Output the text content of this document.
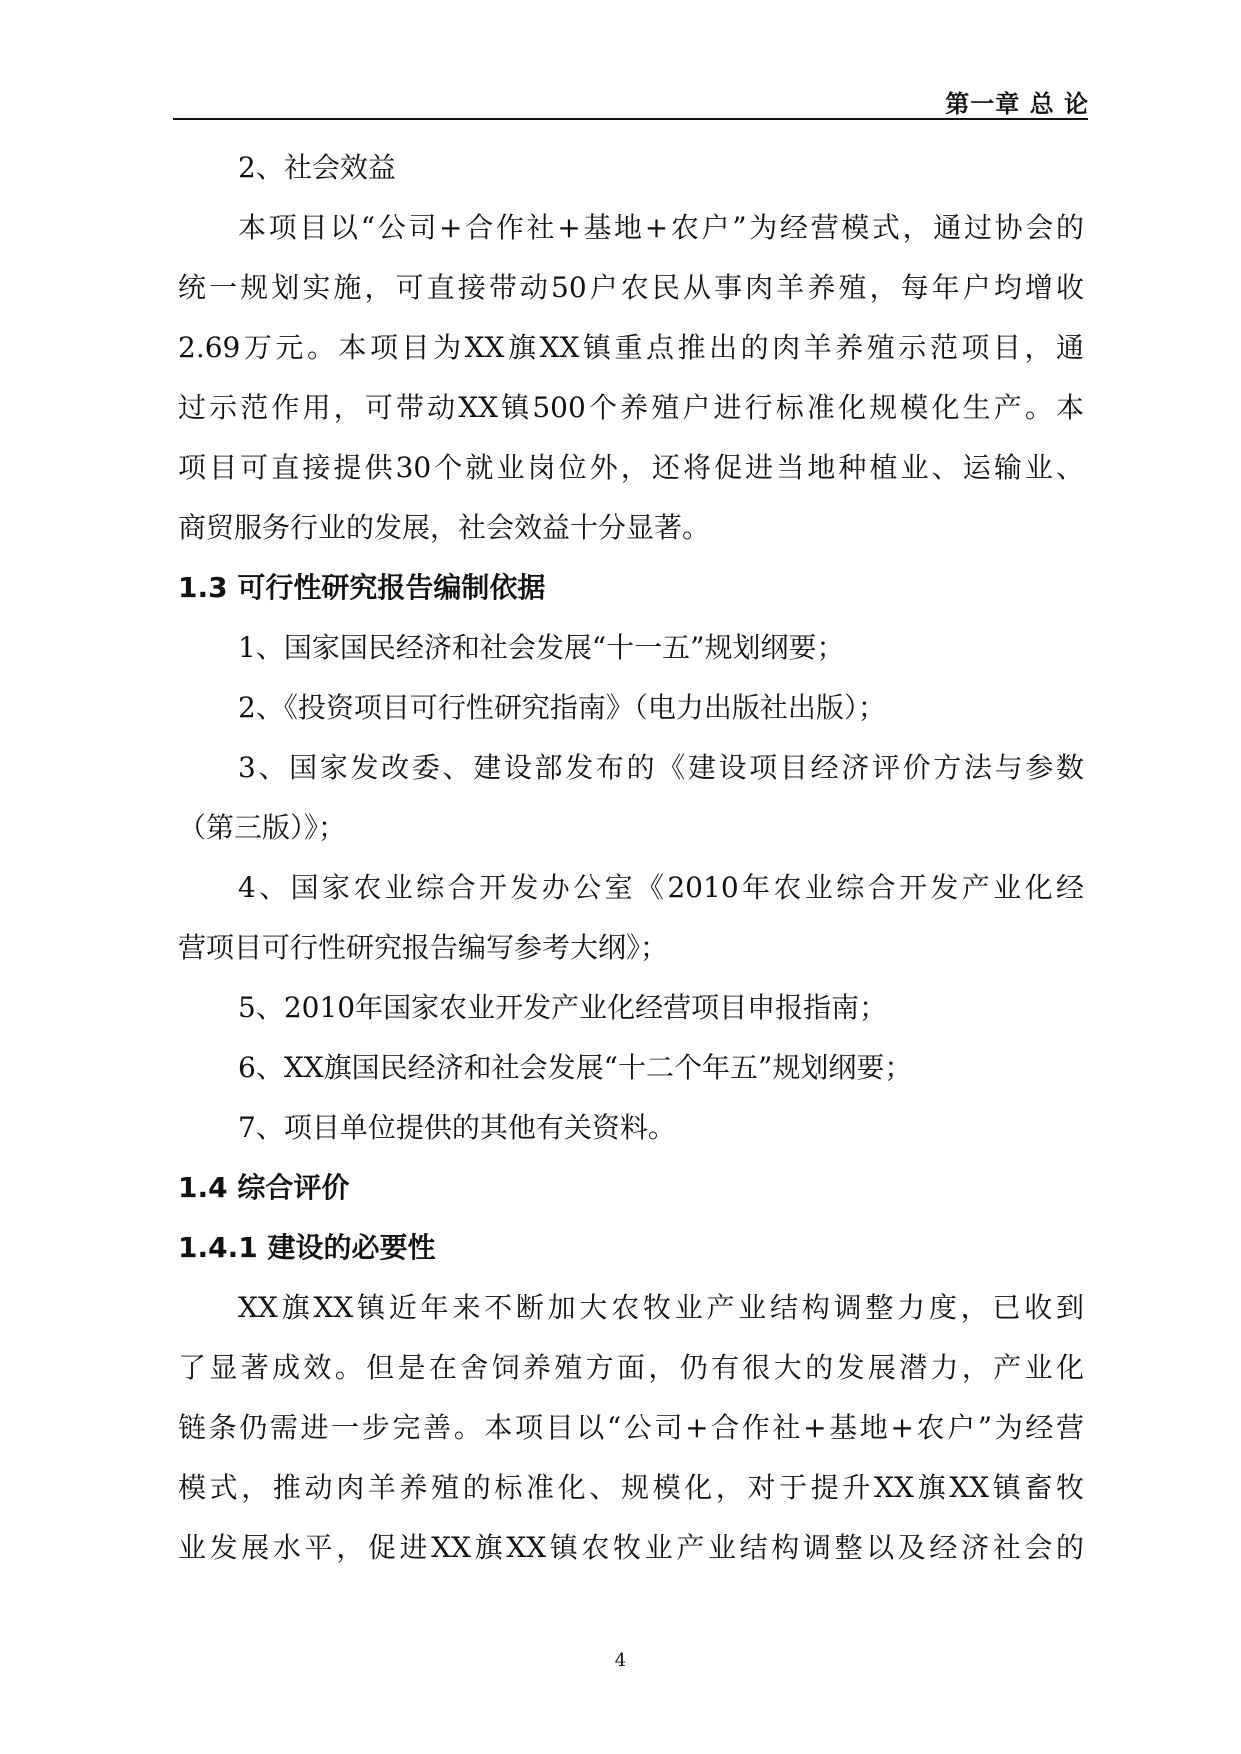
第一章 总 论
2、社会效益
本项目以“公司+合作社+基地+农户”为经营模式，通过协会的
统一规划实施，可直接带动50户农民从事肉羊养殖，每年户均增收
2.69万元。本项目为XX旗XX镇重点推出的肉羊养殖示范项目，通
过示范作用，可带动XX镇500个养殖户进行标准化规模化生产。本
项目可直接提供30个就业岗位外，还将促进当地种植业、运输业、
商贸服务行业的发展，社会效益十分显著。
1.3 可行性研究报告编制依据
1、国家国民经济和社会发展“十一五”规划纲要；
2、《投资项目可行性研究指南》（电力出版社出版）；
3、国家发改委、建设部发布的《建设项目经济评价方法与参数
（第三版）》；
4、国家农业综合开发办公室《2010年农业综合开发产业化经
营项目可行性研究报告编写参考大纲》；
5、2010年国家农业开发产业化经营项目申报指南；
6、XX旗国民经济和社会发展“十二个年五”规划纲要；
7、项目单位提供的其他有关资料。
1.4 综合评价
1.4.1 建设的必要性
XX旗XX镇近年来不断加大农牧业产业结构调整力度，已收到
了显著成效。但是在舍饲养殖方面，仍有很大的发展潜力，产业化
链条仍需进一步完善。本项目以“公司+合作社+基地+农户”为经营
模式，推动肉羊养殖的标准化、规模化，对于提升XX旗XX镇畜牧
业发展水平，促进XX旗XX镇农牧业产业结构调整以及经济社会的
4
